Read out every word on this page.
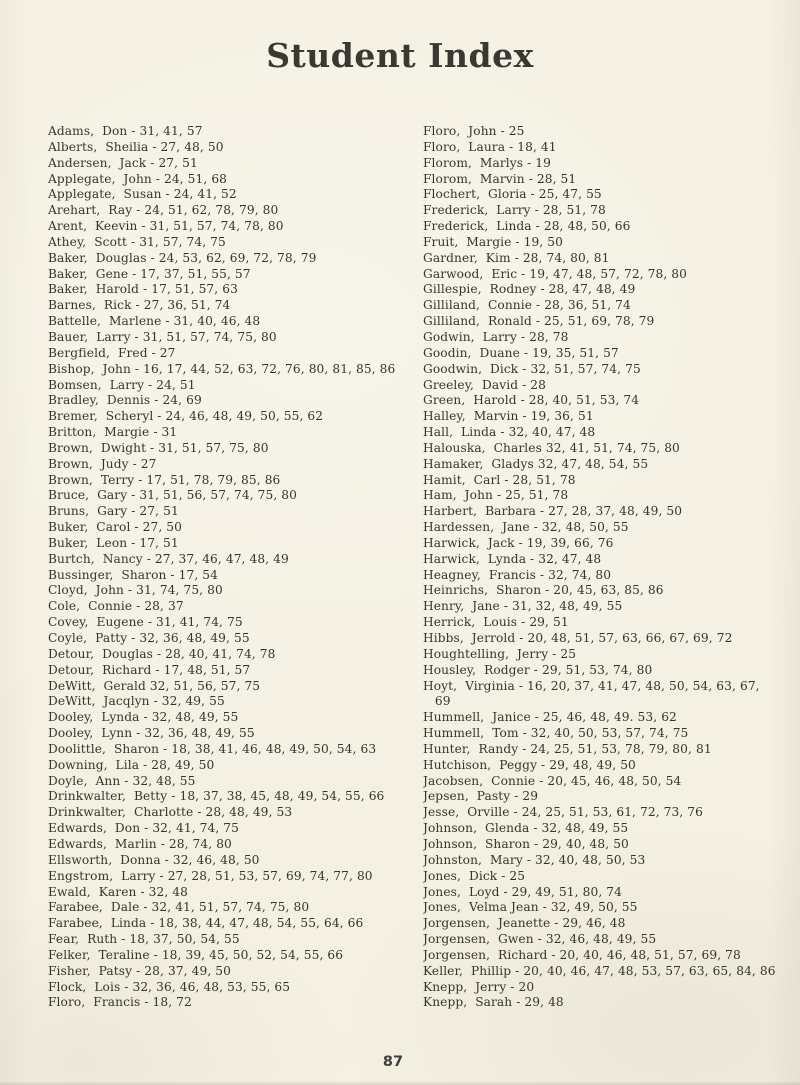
Student Index
Adams,  Don - 31, 41, 57
Alberts,  Sheilia - 27, 48, 50
Andersen,  Jack - 27, 51
Applegate,  John - 24, 51, 68
Applegate,  Susan - 24, 41, 52
Arehart,  Ray - 24, 51, 62, 78, 79, 80
Arent,  Keevin - 31, 51, 57, 74, 78, 80
Athey,  Scott - 31, 57, 74, 75
Baker,  Douglas - 24, 53, 62, 69, 72, 78, 79
Baker,  Gene - 17, 37, 51, 55, 57
Baker,  Harold - 17, 51, 57, 63
Barnes,  Rick - 27, 36, 51, 74
Battelle,  Marlene - 31, 40, 46, 48
Bauer,  Larry - 31, 51, 57, 74, 75, 80
Bergfield,  Fred - 27
Bishop,  John - 16, 17, 44, 52, 63, 72, 76, 80, 81, 85, 86
Bomsen,  Larry - 24, 51
Bradley,  Dennis - 24, 69
Bremer,  Scheryl - 24, 46, 48, 49, 50, 55, 62
Britton,  Margie - 31
Brown,  Dwight - 31, 51, 57, 75, 80
Brown,  Judy - 27
Brown,  Terry - 17, 51, 78, 79, 85, 86
Bruce,  Gary - 31, 51, 56, 57, 74, 75, 80
Bruns,  Gary - 27, 51
Buker,  Carol - 27, 50
Buker,  Leon - 17, 51
Burtch,  Nancy - 27, 37, 46, 47, 48, 49
Bussinger,  Sharon - 17, 54
Cloyd,  John - 31, 74, 75, 80
Cole,  Connie - 28, 37
Covey,  Eugene - 31, 41, 74, 75
Coyle,  Patty - 32, 36, 48, 49, 55
Detour,  Douglas - 28, 40, 41, 74, 78
Detour,  Richard - 17, 48, 51, 57
DeWitt,  Gerald 32, 51, 56, 57, 75
DeWitt,  Jacqlyn - 32, 49, 55
Dooley,  Lynda - 32, 48, 49, 55
Dooley,  Lynn - 32, 36, 48, 49, 55
Doolittle,  Sharon - 18, 38, 41, 46, 48, 49, 50, 54, 63
Downing,  Lila - 28, 49, 50
Doyle,  Ann - 32, 48, 55
Drinkwalter,  Betty - 18, 37, 38, 45, 48, 49, 54, 55, 66
Drinkwalter,  Charlotte - 28, 48, 49, 53
Edwards,  Don - 32, 41, 74, 75
Edwards,  Marlin - 28, 74, 80
Ellsworth,  Donna - 32, 46, 48, 50
Engstrom,  Larry - 27, 28, 51, 53, 57, 69, 74, 77, 80
Ewald,  Karen - 32, 48
Farabee,  Dale - 32, 41, 51, 57, 74, 75, 80
Farabee,  Linda - 18, 38, 44, 47, 48, 54, 55, 64, 66
Fear,  Ruth - 18, 37, 50, 54, 55
Felker,  Teraline - 18, 39, 45, 50, 52, 54, 55, 66
Fisher,  Patsy - 28, 37, 49, 50
Flock,  Lois - 32, 36, 46, 48, 53, 55, 65
Floro,  Francis - 18, 72
Floro,  John - 25
Floro,  Laura - 18, 41
Florom,  Marlys - 19
Florom,  Marvin - 28, 51
Flochert,  Gloria - 25, 47, 55
Frederick,  Larry - 28, 51, 78
Frederick,  Linda - 28, 48, 50, 66
Fruit,  Margie - 19, 50
Gardner,  Kim - 28, 74, 80, 81
Garwood,  Eric - 19, 47, 48, 57, 72, 78, 80
Gillespie,  Rodney - 28, 47, 48, 49
Gilliland,  Connie - 28, 36, 51, 74
Gilliland,  Ronald - 25, 51, 69, 78, 79
Godwin,  Larry - 28, 78
Goodin,  Duane - 19, 35, 51, 57
Goodwin,  Dick - 32, 51, 57, 74, 75
Greeley,  David - 28
Green,  Harold - 28, 40, 51, 53, 74
Halley,  Marvin - 19, 36, 51
Hall,  Linda - 32, 40, 47, 48
Halouska,  Charles 32, 41, 51, 74, 75, 80
Hamaker,  Gladys 32, 47, 48, 54, 55
Hamit,  Carl - 28, 51, 78
Ham,  John - 25, 51, 78
Harbert,  Barbara - 27, 28, 37, 48, 49, 50
Hardessen,  Jane - 32, 48, 50, 55
Harwick,  Jack - 19, 39, 66, 76
Harwick,  Lynda - 32, 47, 48
Heagney,  Francis - 32, 74, 80
Heinrichs,  Sharon - 20, 45, 63, 85, 86
Henry,  Jane - 31, 32, 48, 49, 55
Herrick,  Louis - 29, 51
Hibbs,  Jerrold - 20, 48, 51, 57, 63, 66, 67, 69, 72
Houghtelling,  Jerry - 25
Housley,  Rodger - 29, 51, 53, 74, 80
Hoyt,  Virginia - 16, 20, 37, 41, 47, 48, 50, 54, 63, 67,
69
Hummell,  Janice - 25, 46, 48, 49. 53, 62
Hummell,  Tom - 32, 40, 50, 53, 57, 74, 75
Hunter,  Randy - 24, 25, 51, 53, 78, 79, 80, 81
Hutchison,  Peggy - 29, 48, 49, 50
Jacobsen,  Connie - 20, 45, 46, 48, 50, 54
Jepsen,  Pasty - 29
Jesse,  Orville - 24, 25, 51, 53, 61, 72, 73, 76
Johnson,  Glenda - 32, 48, 49, 55
Johnson,  Sharon - 29, 40, 48, 50
Johnston,  Mary - 32, 40, 48, 50, 53
Jones,  Dick - 25
Jones,  Loyd - 29, 49, 51, 80, 74
Jones,  Velma Jean - 32, 49, 50, 55
Jorgensen,  Jeanette - 29, 46, 48
Jorgensen,  Gwen - 32, 46, 48, 49, 55
Jorgensen,  Richard - 20, 40, 46, 48, 51, 57, 69, 78
Keller,  Phillip - 20, 40, 46, 47, 48, 53, 57, 63, 65, 84, 86
Knepp,  Jerry - 20
Knepp,  Sarah - 29, 48
87
